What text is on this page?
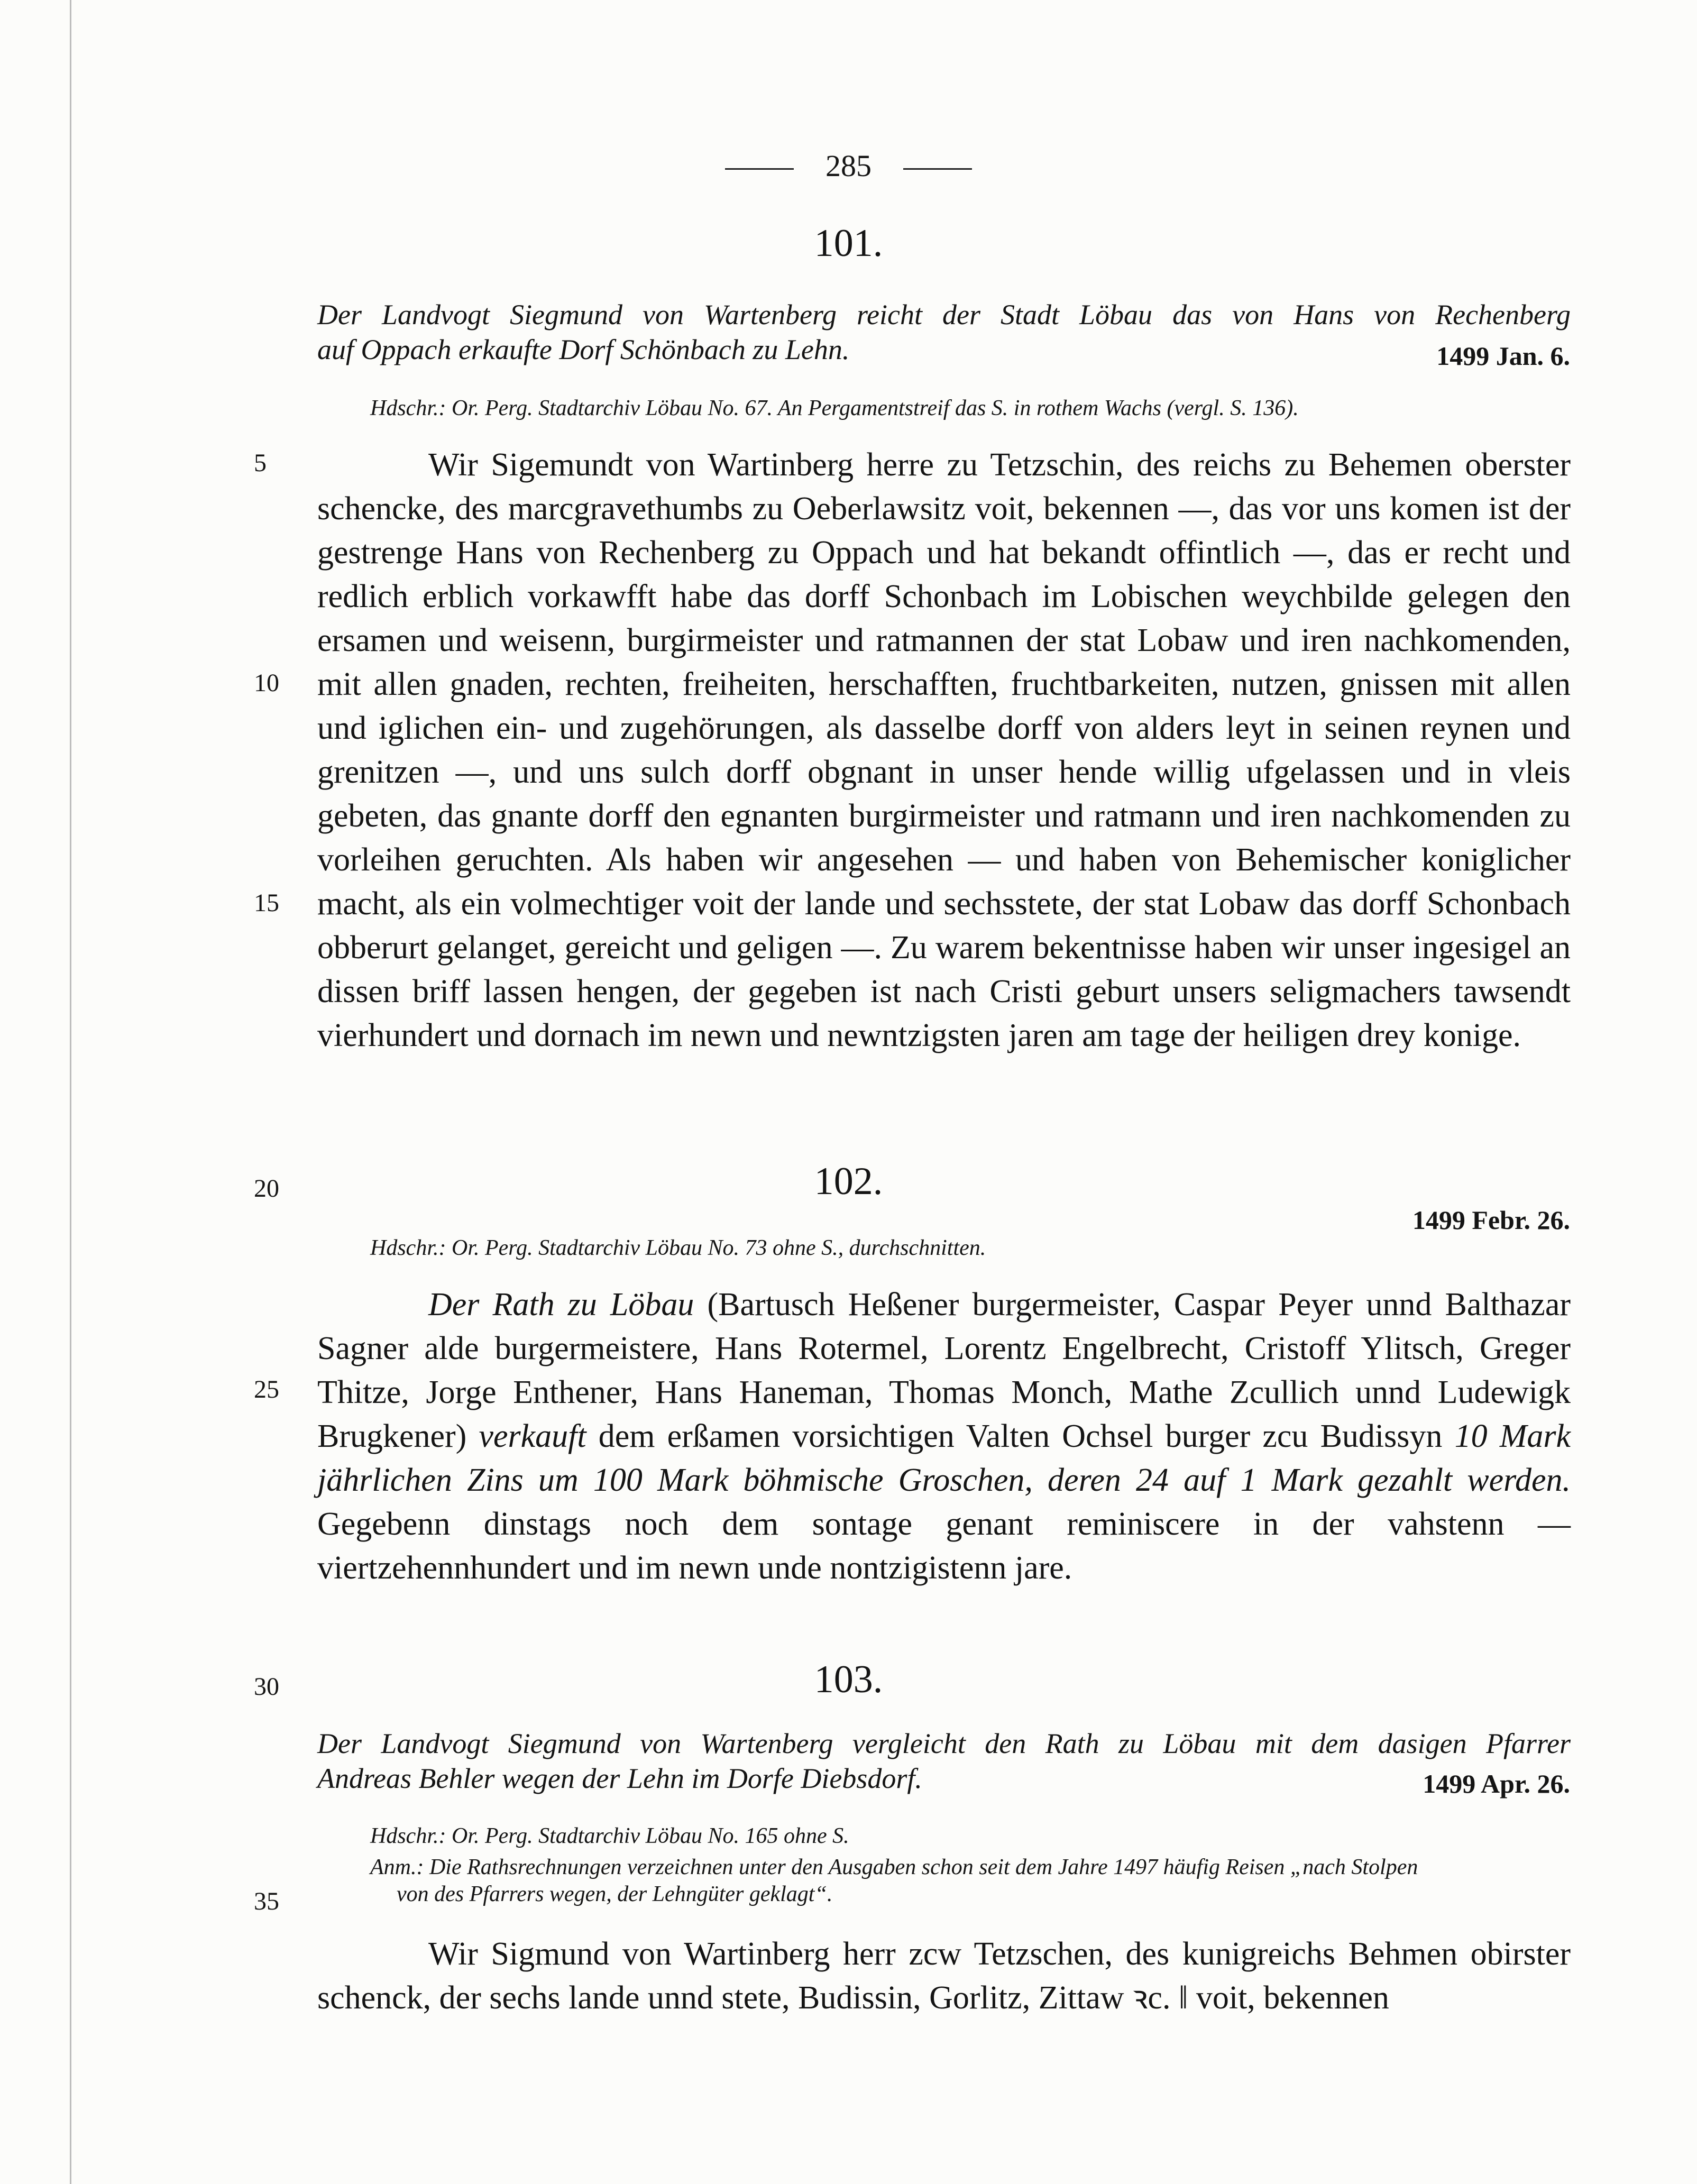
285
101.
Der Landvogt Siegmund von Wartenberg reicht der Stadt Löbau das von Hans von Rechenberg
auf Oppach erkaufte Dorf Schönbach zu Lehn.	1499 Jan. 6.
Hdschr.: Or. Perg. Stadtarchiv Löbau No. 67. An Pergamentstreif das S. in rothem Wachs (vergl. S. 136).
Wir Sigemundt von Wartinberg herre zu Tetzschin, des reichs zu Behemen oberster schencke, des marcgravethumbs zu Oeberlawsitz voit, bekennen —, das vor uns komen ist der gestrenge Hans von Rechenberg zu Oppach und hat bekandt offintlich —, das er recht und redlich erblich vorkawfft habe das dorff Schonbach im Lobischen weychbilde gelegen den ersamen und weisenn, burgirmeister und ratmannen der stat Lobaw und iren nachkomenden, mit allen gnaden, rechten, freiheiten, herschafften, fruchtbarkeiten, nutzen, gnissen mit allen und iglichen ein- und zugehörungen, als dasselbe dorff von alders leyt in seinen reynen und grenitzen —, und uns sulch dorff obgnant in unser hende willig ufgelassen und in vleis gebeten, das gnante dorff den egnanten burgirmeister und ratmann und iren nachkomenden zu vorleihen geruchten. Als haben wir angesehen — und haben von Behemischer koniglicher macht, als ein volmechtiger voit der lande und sechsstete, der stat Lobaw das dorff Schonbach obberurt gelanget, gereicht und geligen —. Zu warem bekentnisse haben wir unser ingesigel an dissen briff lassen hengen, der gegeben ist nach Cristi geburt unsers seligmachers tawsendt vierhundert und dornach im newn und newntzigsten jaren am tage der heiligen drey konige.
102.
1499 Febr. 26.
Hdschr.: Or. Perg. Stadtarchiv Löbau No. 73 ohne S., durchschnitten.
Der Rath zu Löbau (Bartusch Heßener burgermeister, Caspar Peyer unnd Balthazar Sagner alde burgermeistere, Hans Rotermel, Lorentz Engelbrecht, Cristoff Ylitsch, Greger Thitze, Jorge Enthener, Hans Haneman, Thomas Monch, Mathe Zcullich unnd Ludewigk Brugkener) verkauft dem erßamen vorsichtigen Valten Ochsel burger zcu Budissyn 10 Mark jährlichen Zins um 100 Mark böhmische Groschen, deren 24 auf 1 Mark gezahlt werden. Gegebenn dinstags noch dem sontage genant reminiscere in der vahstenn — viertzehennhundert und im newn unde nontzigistenn jare.
103.
Der Landvogt Siegmund von Wartenberg vergleicht den Rath zu Löbau mit dem dasigen Pfarrer
Andreas Behler wegen der Lehn im Dorfe Diebsdorf.	1499 Apr. 26.
Hdschr.: Or. Perg. Stadtarchiv Löbau No. 165 ohne S.
Anm.: Die Rathsrechnungen verzeichnen unter den Ausgaben schon seit dem Jahre 1497 häufig Reisen „nach Stolpen
von des Pfarrers wegen, der Lehngüter geklagt“.
Wir Sigmund von Wartinberg herr zcw Tetzschen, des kunigreichs Behmen obirster schenck, der sechs lande unnd stete, Budissin, Gorlitz, Zittaw ꝛc. ‖ voit, bekennen
5
10
15
20
25
30
35
